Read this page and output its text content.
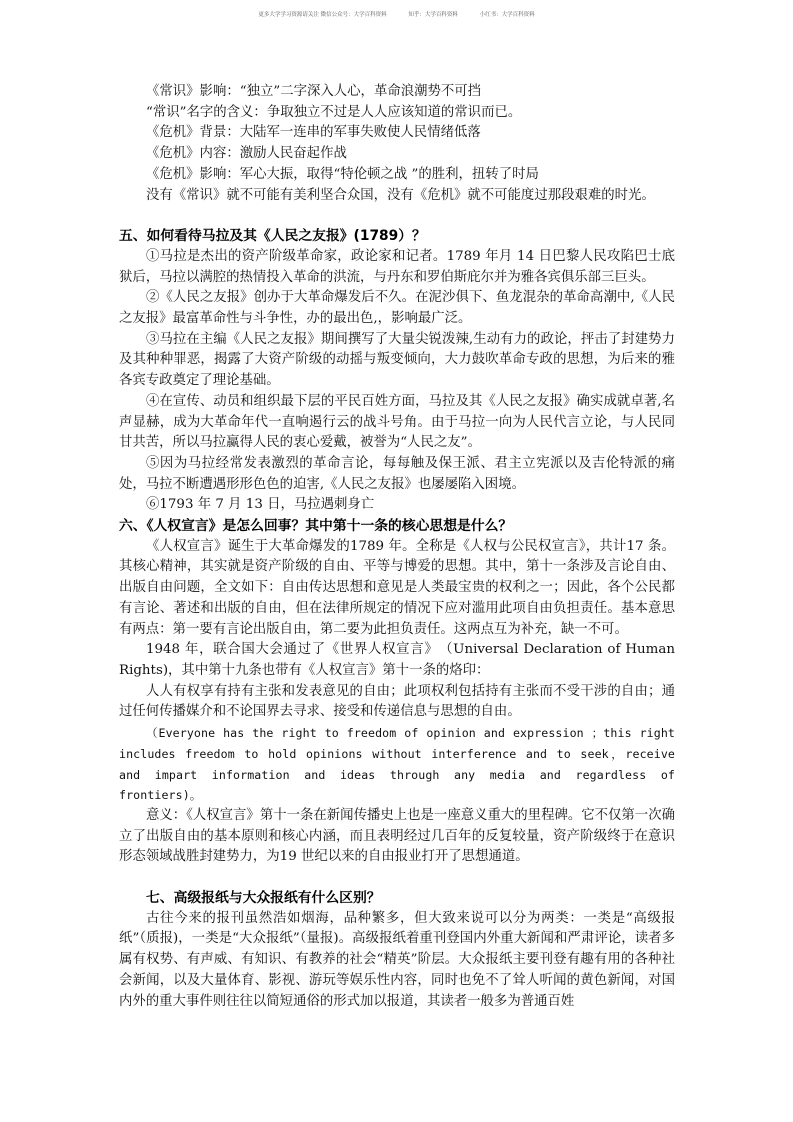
更多大学学习资源请关注 微信公众号：大学百科资料	知乎：大学百科资料	小红书：大学百科资料

《常识》影响：“独立”二字深入人心，革命浪潮势不可挡

“常识”名字的含义：争取独立不过是人人应该知道的常识而已。

《危机》背景：大陆军一连串的军事失败使人民情绪低落

《危机》内容：激励人民奋起作战

《危机》影响：军心大振，取得“特伦顿之战 ”的胜利，扭转了时局

没有《常识》就不可能有美利坚合众国，没有《危机》就不可能度过那段艰难的时光。

五、如何看待马拉及其《人民之友报》(1789）？

①马拉是杰出的资产阶级革命家，政论家和记者。1789 年月 14 日巴黎人民攻陷巴士底狱后，马拉以满腔的热情投入革命的洪流，与丹东和罗伯斯庇尔并为雅各宾俱乐部三巨头。

②《人民之友报》创办于大革命爆发后不久。在泥沙俱下、鱼龙混杂的革命高潮中,《人民之友报》最富革命性与斗争性，办的最出色,，影响最广泛。

③马拉在主编《人民之友报》期间撰写了大量尖锐泼辣,生动有力的政论，抨击了封建势力及其种种罪恶，揭露了大资产阶级的动摇与叛变倾向，大力鼓吹革命专政的思想，为后来的雅各宾专政奠定了理论基础。

④在宣传、动员和组织最下层的平民百姓方面，马拉及其《人民之友报》确实成就卓著,名声显赫，成为大革命年代一直响遏行云的战斗号角。由于马拉一向为人民代言立论，与人民同甘共苦，所以马拉赢得人民的衷心爱戴，被誉为“人民之友”。

⑤因为马拉经常发表激烈的革命言论，每每触及保王派、君主立宪派以及吉伦特派的痛处，马拉不断遭遇形形色色的迫害,《人民之友报》也屡屡陷入困境。

⑥1793 年 7 月 13 日，马拉遇刺身亡

六、《人权宣言》是怎么回事？其中第十一条的核心思想是什么？

《人权宣言》诞生于大革命爆发的1789 年。全称是《人权与公民权宣言》，共计17 条。其核心精神，其实就是资产阶级的自由、平等与博爱的思想。其中，第十一条涉及言论自由、出版自由问题，全文如下：自由传达思想和意见是人类最宝贵的权利之一；因此，各个公民都有言论、著述和出版的自由，但在法律所规定的情况下应对滥用此项自由负担责任。基本意思有两点：第一要有言论出版自由，第二要为此担负责任。这两点互为补充，缺一不可。

1948 年，联合国大会通过了《世界人权宣言》　（Universal Declaration of Human Rights)，其中第十九条也带有《人权宣言》第十一条的烙印：

人人有权享有持有主张和发表意见的自由；此项权利包括持有主张而不受干涉的自由；通过任何传播媒介和不论国界去寻求、接受和传递信息与思想的自由。

（Everyone has the right to freedom of opinion and expression ；this right includes freedom to hold opinions without interference and to seek，receive and impart information and ideas through any media and regardless of frontiers)。

意义：《人权宣言》第十一条在新闻传播史上也是一座意义重大的里程碑。它不仅第一次确立了出版自由的基本原则和核心内涵，而且表明经过几百年的反复较量，资产阶级终于在意识形态领域战胜封建势力，为19 世纪以来的自由报业打开了思想通道。

七、高级报纸与大众报纸有什么区别？

古往今来的报刊虽然浩如烟海，品种繁多，但大致来说可以分为两类：一类是“高级报纸”（质报)，一类是“大众报纸”（量报)。高级报纸着重刊登国内外重大新闻和严肃评论，读者多属有权势、有声威、有知识、有教养的社会“精英”阶层。大众报纸主要刊登有趣有用的各种社会新闻，以及大量体育、影视、游玩等娱乐性内容，同时也免不了耸人听闻的黄色新闻，对国内外的重大事件则往往以简短通俗的形式加以报道，其读者一般多为普通百姓
